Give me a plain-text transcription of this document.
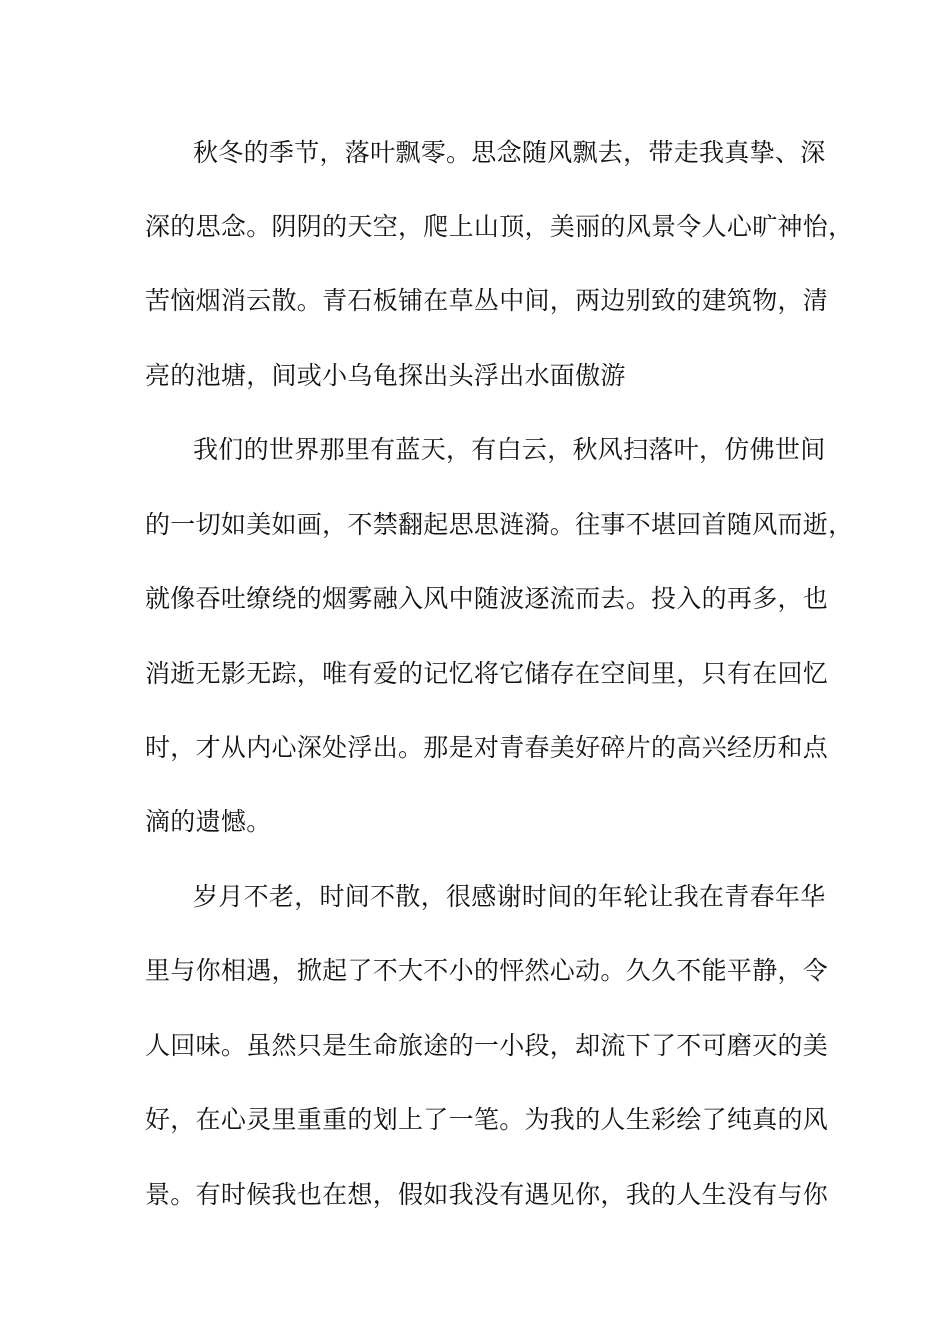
秋冬的季节，落叶飘零。思念随风飘去，带走我真挚、深
深的思念。阴阴的天空，爬上山顶，美丽的风景令人心旷神怡，
苦恼烟消云散。青石板铺在草丛中间，两边别致的建筑物，清
亮的池塘，间或小乌龟探出头浮出水面傲游
我们的世界那里有蓝天，有白云，秋风扫落叶，仿佛世间
的一切如美如画，不禁翻起思思涟漪。往事不堪回首随风而逝，
就像吞吐缭绕的烟雾融入风中随波逐流而去。投入的再多，也
消逝无影无踪，唯有爱的记忆将它储存在空间里，只有在回忆
时，才从内心深处浮出。那是对青春美好碎片的高兴经历和点
滴的遗憾。
岁月不老，时间不散，很感谢时间的年轮让我在青春年华
里与你相遇，掀起了不大不小的怦然心动。久久不能平静，令
人回味。虽然只是生命旅途的一小段，却流下了不可磨灭的美
好，在心灵里重重的划上了一笔。为我的人生彩绘了纯真的风
景。有时候我也在想，假如我没有遇见你，我的人生没有与你
